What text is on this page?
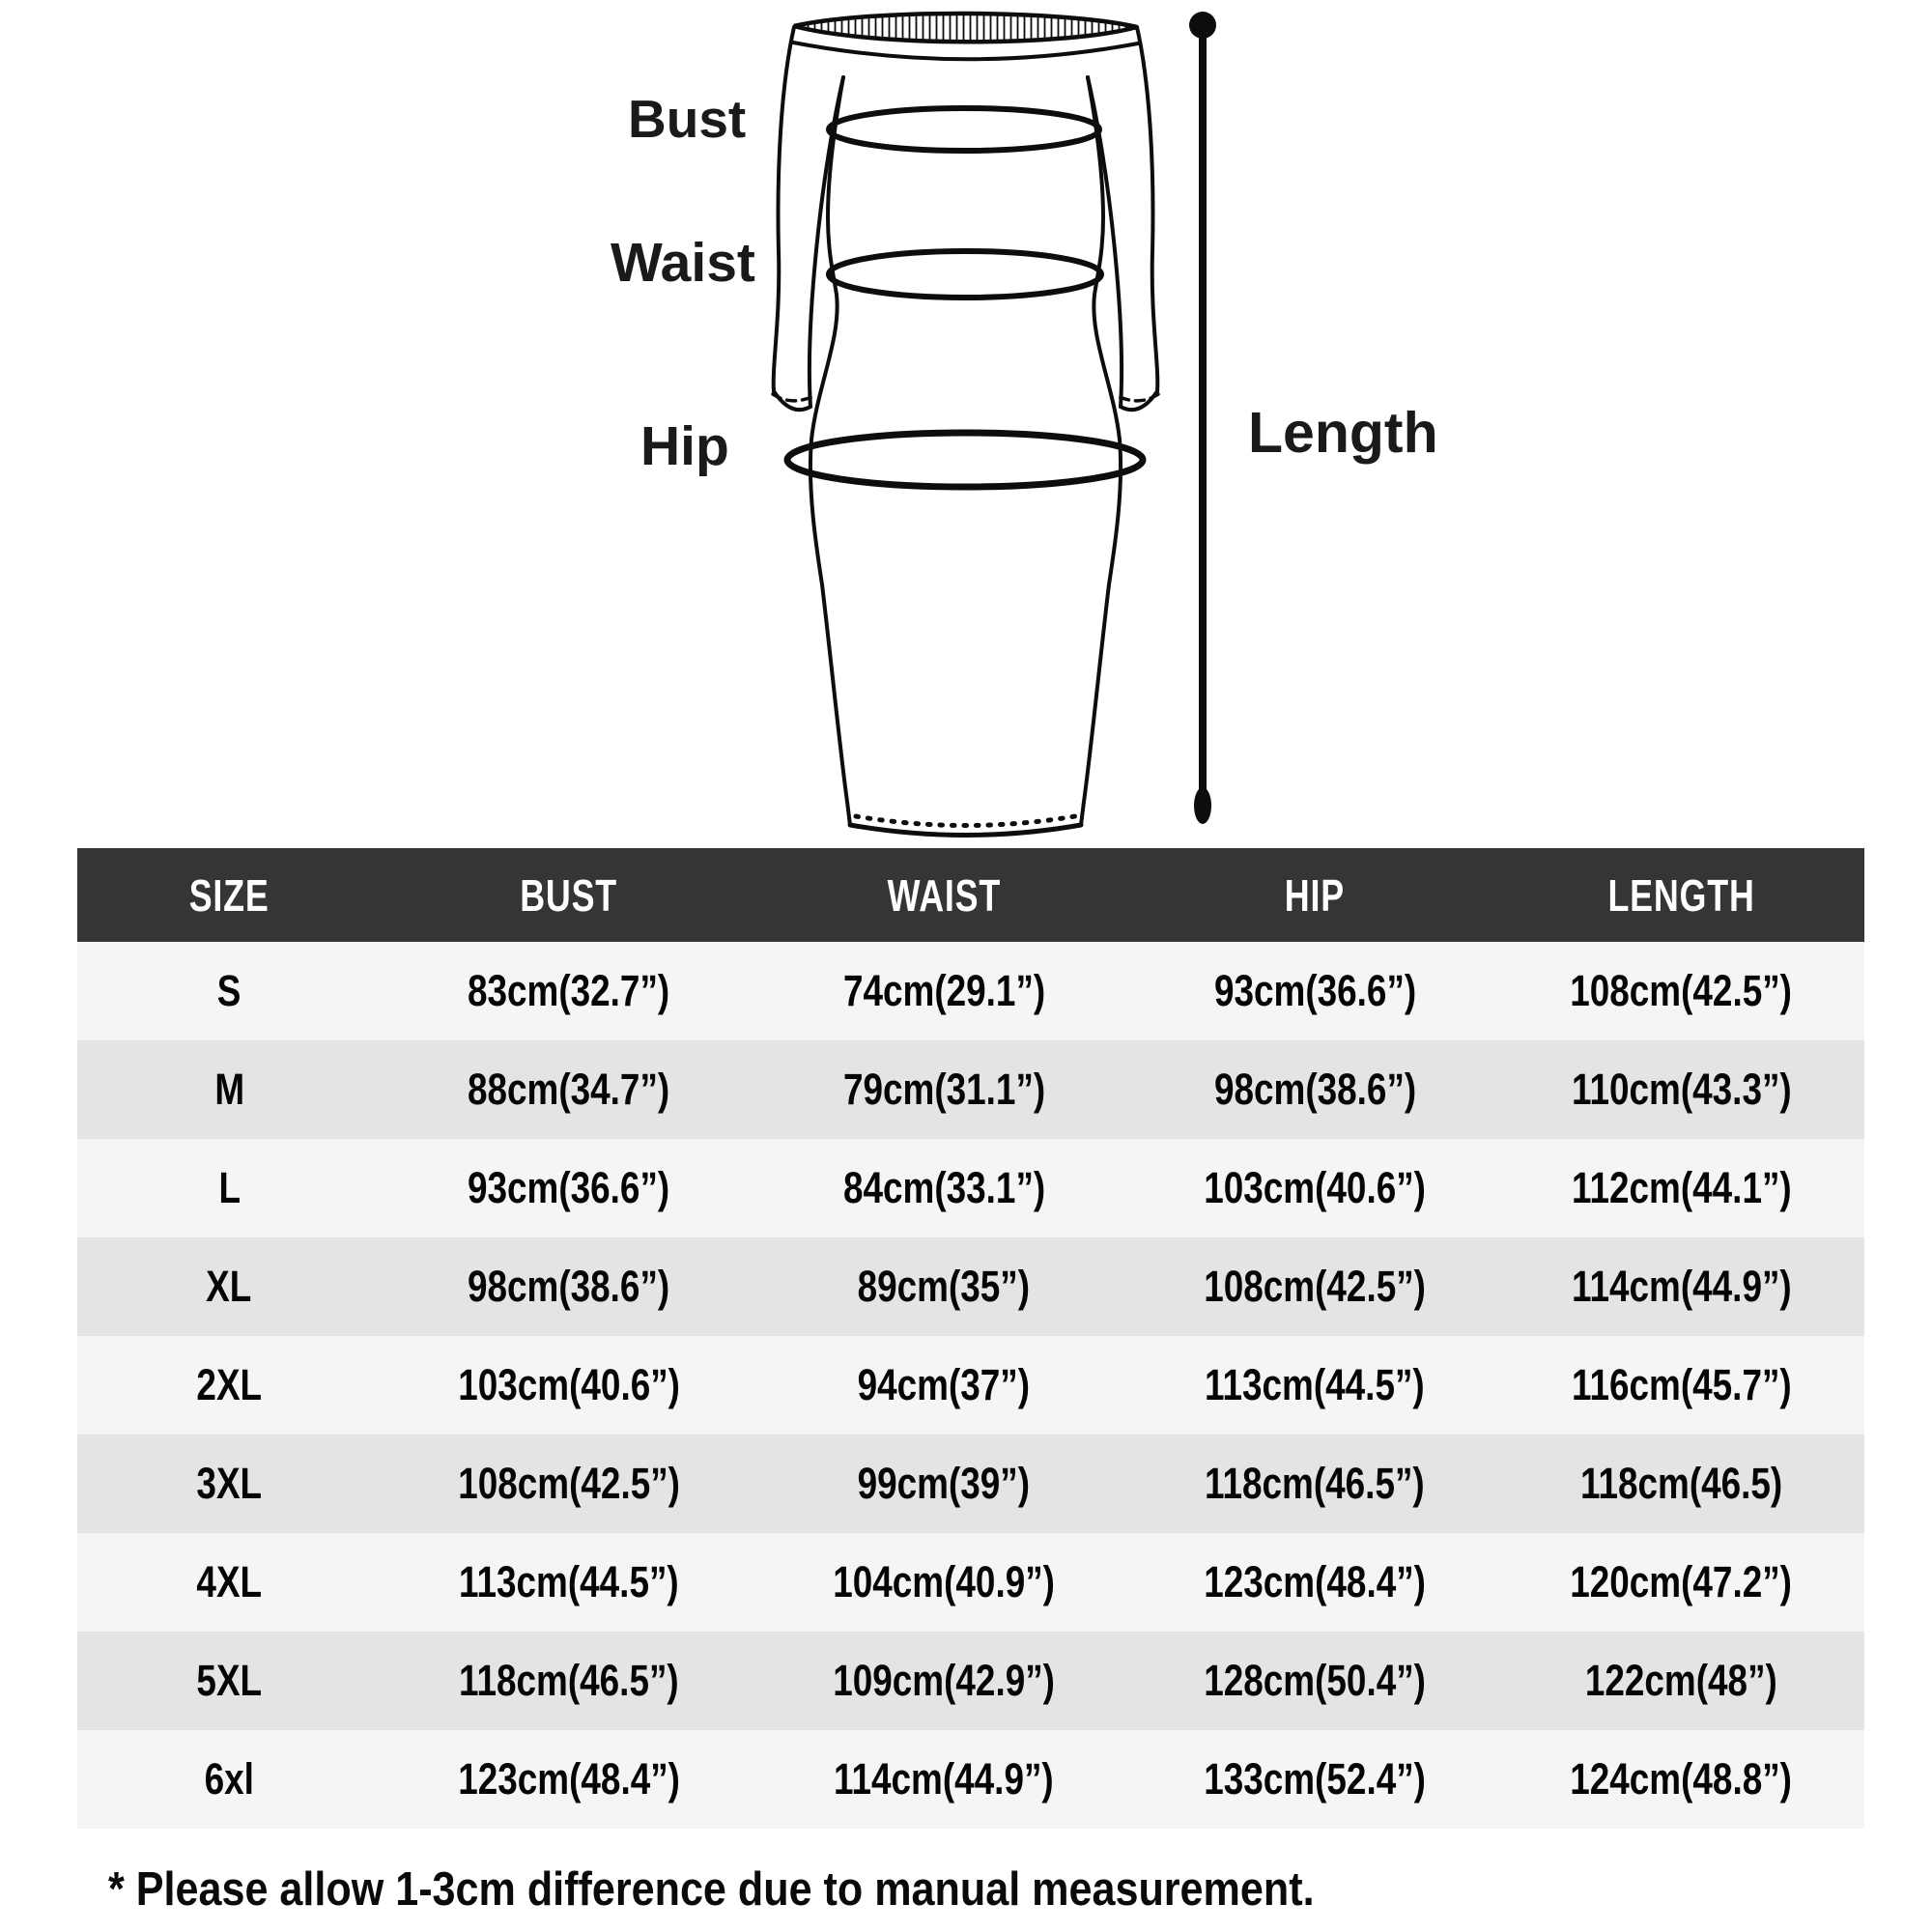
Bust
Waist
Hip	Length
SIZE	BUST	WAIST	HIP	LENGTH
S	83cm(32.7”)	74cm(29.1”)	93cm(36.6”)	108cm(42.5”)
M	88cm(34.7”)	79cm(31.1”)	98cm(38.6”)	110cm(43.3”)
L	93cm(36.6”)	84cm(33.1”)	103cm(40.6”)	112cm(44.1”)
XL	98cm(38.6”)	89cm(35”)	108cm(42.5”)	114cm(44.9”)
2XL	103cm(40.6”)	94cm(37”)	113cm(44.5”)	116cm(45.7”)
3XL	108cm(42.5”)	99cm(39”)	118cm(46.5”)	118cm(46.5)
4XL	113cm(44.5”)	104cm(40.9”)	123cm(48.4”)	120cm(47.2”)
5XL	118cm(46.5”)	109cm(42.9”)	128cm(50.4”)	122cm(48”)
6xl	123cm(48.4”)	114cm(44.9”)	133cm(52.4”)	124cm(48.8”)
* Please allow 1-3cm difference due to manual measurement.
